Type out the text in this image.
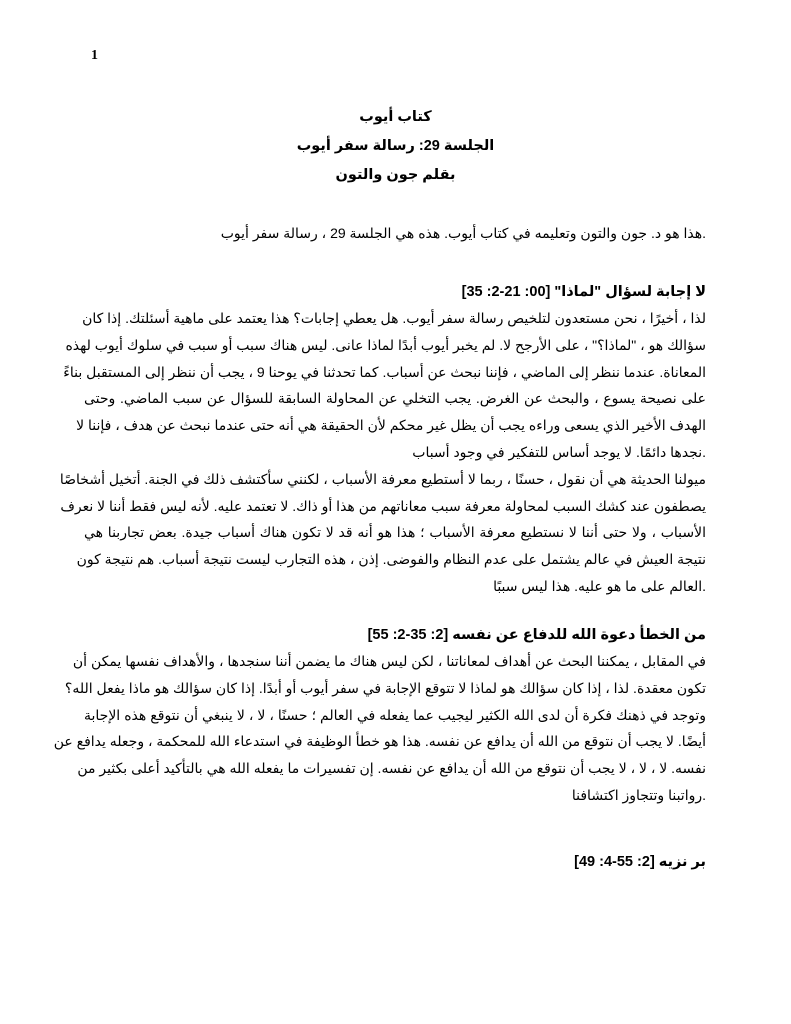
1
كتاب أيوب
الجلسة 29: رسالة سفر أيوب
بقلم جون والتون
.هذا هو د. جون والتون وتعليمه في كتاب أيوب. هذه هي الجلسة 29 ، رسالة سفر أيوب
لا إجابة لسؤال "لماذا" [00: 21-2: 35]
لذا ، أخيرًا ، نحن مستعدون لتلخيص رسالة سفر أيوب. هل يعطي إجابات؟ هذا يعتمد على ماهية أسئلتك. إذا كان
سؤالك هو ، "لماذا؟" ، على الأرجح لا. لم يخبر أيوب أبدًا لماذا عانى. ليس هناك سبب أو سبب في سلوك أيوب لهذه
المعاناة. عندما ننظر إلى الماضي ، فإننا نبحث عن أسباب. كما تحدثنا في يوحنا 9 ، يجب أن ننظر إلى المستقبل بناءً
على نصيحة يسوع ، والبحث عن الغرض. يجب التخلي عن المحاولة السابقة للسؤال عن سبب الماضي. وحتى
الهدف الأخير الذي يسعى وراءه يجب أن يظل غير محكم لأن الحقيقة هي أنه حتى عندما نبحث عن هدف ، فإننا لا
.نجدها دائمًا. لا يوجد أساس للتفكير في وجود أسباب
ميولنا الحديثة هي أن نقول ، حسنًا ، ربما لا أستطيع معرفة الأسباب ، لكنني سأكتشف ذلك في الجنة. أتخيل أشخاصًا
يصطفون عند كشك السبب لمحاولة معرفة سبب معاناتهم من هذا أو ذاك. لا تعتمد عليه. لأنه ليس فقط أننا لا نعرف
الأسباب ، ولا حتى أننا لا نستطيع معرفة الأسباب ؛ هذا هو أنه قد لا تكون هناك أسباب جيدة. بعض تجاربنا هي
نتيجة العيش في عالم يشتمل على عدم النظام والفوضى. إذن ، هذه التجارب ليست نتيجة أسباب. هم نتيجة كون
.العالم على ما هو عليه. هذا ليس سببًا
من الخطأ دعوة الله للدفاع عن نفسه [2: 35-2: 55]
في المقابل ، يمكننا البحث عن أهداف لمعاناتنا ، لكن ليس هناك ما يضمن أننا سنجدها ، والأهداف نفسها يمكن أن
تكون معقدة. لذا ، إذا كان سؤالك هو لماذا لا تتوقع الإجابة في سفر أيوب أو أبدًا. إذا كان سؤالك هو ماذا يفعل الله؟
وتوجد في ذهنك فكرة أن لدى الله الكثير ليجيب عما يفعله في العالم ؛ حسنًا ، لا ، لا ينبغي أن نتوقع هذه الإجابة
أيضًا. لا يجب أن نتوقع من الله أن يدافع عن نفسه. هذا هو خطأ الوظيفة في استدعاء الله للمحكمة ، وجعله يدافع عن
نفسه. لا ، لا ، لا يجب أن نتوقع من الله أن يدافع عن نفسه. إن تفسيرات ما يفعله الله هي بالتأكيد أعلى بكثير من
.رواتبنا وتتجاوز اكتشافنا
بر نزيه [2: 55-4: 49]
